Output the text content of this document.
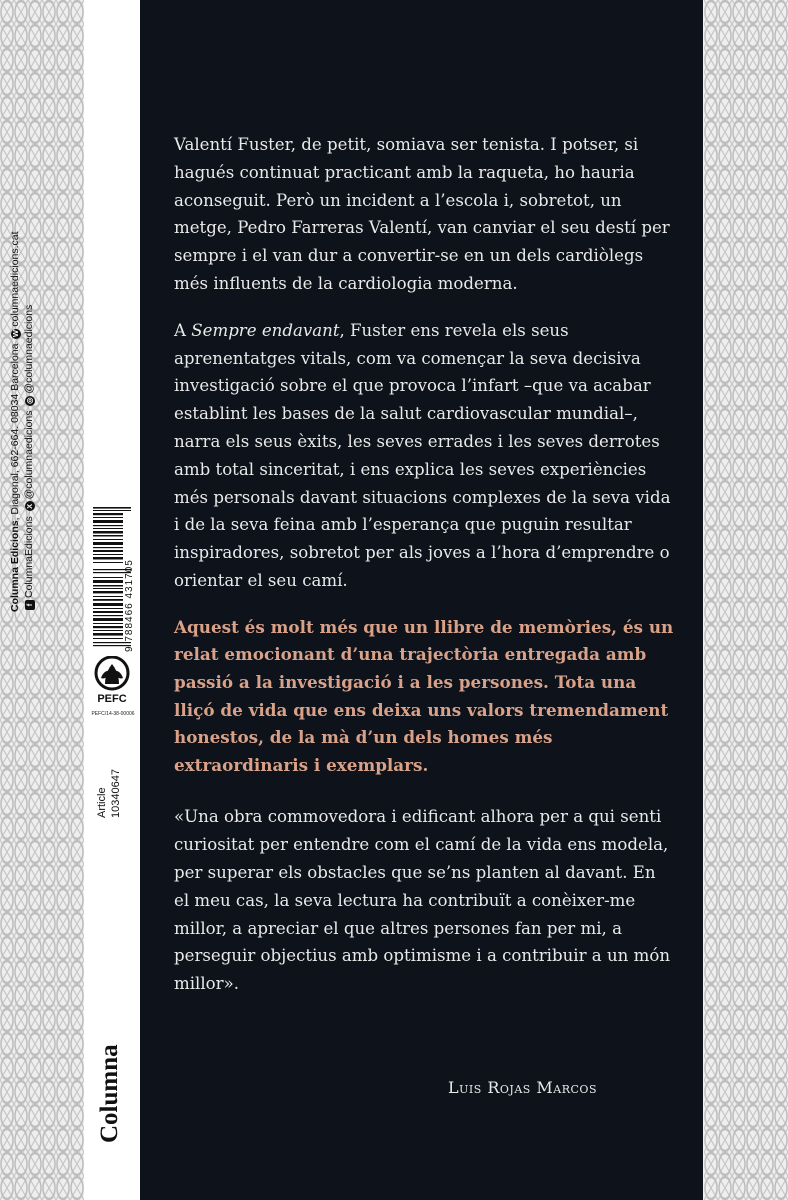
Columna Edicions, Diagonal, 662-664. 08034 Barcelona Wcolumnaedicions.cat
fColumnaEdicions X@columnaedicions ◎@columnaedicions
9 788466 431705
PEFC
PEFC/14-38-00006
Article 10340647
Columna

Valentí Fuster, de petit, somiava ser tenista. I potser, si hagués continuat practicant amb la raqueta, ho hauria aconseguit. Però un incident a l’escola i, sobretot, un metge, Pedro Farreras Valentí, van canviar el seu destí per sempre i el van dur a convertir-se en un dels cardiòlegs més influents de la cardiologia moderna.

A Sempre endavant, Fuster ens revela els seus aprenentatges vitals, com va començar la seva decisiva investigació sobre el que provoca l’infart –que va acabar establint les bases de la salut cardiovascular mundial–, narra els seus èxits, les seves errades i les seves derrotes amb total sinceritat, i ens explica les seves experiències més personals davant situacions complexes de la seva vida i de la seva feina amb l’esperança que puguin resultar inspiradores, sobretot per als joves a l’hora d’emprendre o orientar el seu camí.

Aquest és molt més que un llibre de memòries, és un relat emocionant d’una trajectòria entregada amb passió a la investigació i a les persones. Tota una lliçó de vida que ens deixa uns valors tremendament honestos, de la mà d’un dels homes més extraordinaris i exemplars.

«Una obra commovedora i edificant alhora per a qui senti curiositat per entendre com el camí de la vida ens modela, per superar els obstacles que se’ns planten al davant. En el meu cas, la seva lectura ha contribuït a conèixer-me millor, a apreciar el que altres persones fan per mi, a perseguir objectius amb optimisme i a contribuir a un món millor».

Luis Rojas Marcos
